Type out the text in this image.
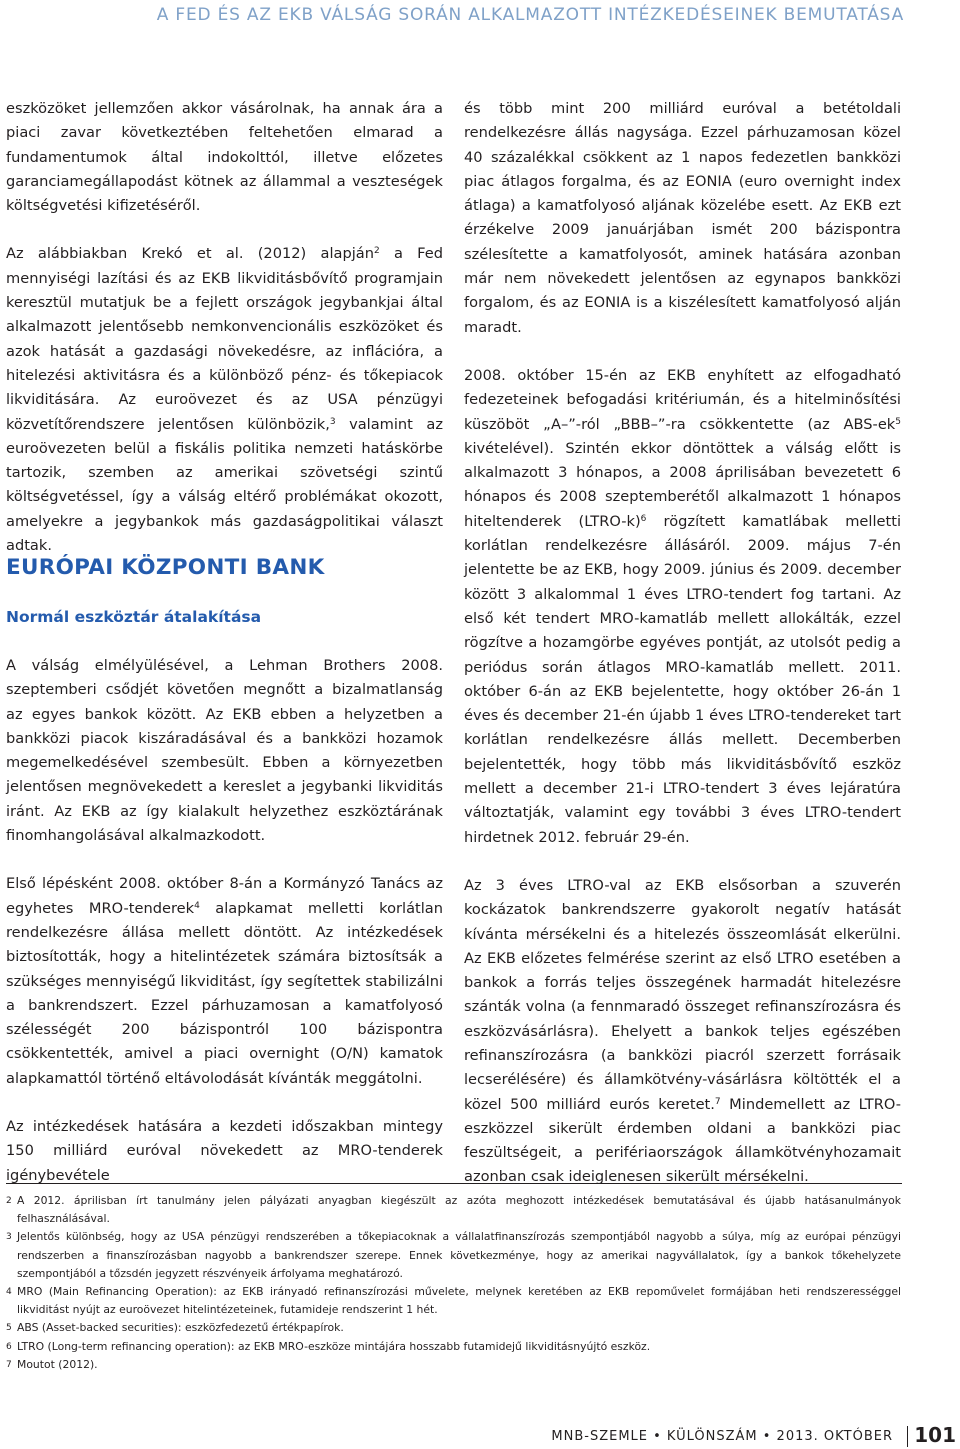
A FED ÉS AZ EKB VÁLSÁG SORÁN ALKALMAZOTT INTÉZKEDÉSEINEK BEMUTATÁSA

eszközöket jellemzően akkor vásárolnak, ha annak ára a piaci zavar következtében feltehetően elmarad a fundamentumok által indokolttól, illetve előzetes garanciamegállapodást kötnek az állammal a veszteségek költségvetési kifizetéséről.

Az alábbiakban Krekó et al. (2012) alapján$^2$ a Fed mennyiségi lazítási és az EKB likviditásbővítő programjain keresztül mutatjuk be a fejlett országok jegybankjai által alkalmazott jelentősebb nemkonvencionális eszközöket és azok hatását a gazdasági növekedésre, az inflációra, a hitelezési aktivitásra és a különböző pénz- és tőkepiacok likviditására. Az euroövezet és az USA pénzügyi közvetítőrendszere jelentősen különbözik,$^3$ valamint az euroövezeten belül a fiskális politika nemzeti hatáskörbe tartozik, szemben az amerikai szövetségi szintű költségvetéssel, így a válság eltérő problémákat okozott, amelyekre a jegybankok más gazdaságpolitikai választ adtak.

EURÓPAI KÖZPONTI BANK
Normál eszköztár átalakítása

A válság elmélyülésével, a Lehman Brothers 2008. szeptemberi csődjét követően megnőtt a bizalmatlanság az egyes bankok között. Az EKB ebben a helyzetben a bankközi piacok kiszáradásával és a bankközi hozamok megemelkedésével szembesült. Ebben a környezetben jelentősen megnövekedett a kereslet a jegybanki likviditás iránt. Az EKB az így kialakult helyzethez eszköztárának finomhangolásával alkalmazkodott.

Első lépésként 2008. október 8-án a Kormányzó Tanács az egyhetes MRO-tenderek$^4$ alapkamat melletti korlátlan rendelkezésre állása mellett döntött. Az intézkedések biztosították, hogy a hitelintézetek számára biztosítsák a szükséges mennyiségű likviditást, így segítettek stabilizálni a bankrendszert. Ezzel párhuzamosan a kamatfolyosó szélességét 200 bázispontról 100 bázispontra csökkentették, amivel a piaci overnight (O/N) kamatok alapkamattól történő eltávolodását kívánták meggátolni.

Az intézkedések hatására a kezdeti időszakban mintegy 150 milliárd euróval növekedett az MRO-tenderek igénybevétele

és több mint 200 milliárd euróval a betétoldali rendelkezésre állás nagysága. Ezzel párhuzamosan közel 40 százalékkal csökkent az 1 napos fedezetlen bankközi piac átlagos forgalma, és az EONIA (euro overnight index átlaga) a kamatfolyosó aljának közelébe esett. Az EKB ezt érzékelve 2009 januárjában ismét 200 bázispontra szélesítette a kamatfolyosót, aminek hatására azonban már nem növekedett jelentősen az egynapos bankközi forgalom, és az EONIA is a kiszélesített kamatfolyosó alján maradt.

2008. október 15-én az EKB enyhített az elfogadható fedezeteinek befogadási kritériumán, és a hitelminősítési küszöböt „A–”-ról „BBB–”-ra csökkentette (az ABS-$ek^5$ kivételével). Szintén ekkor döntöttek a válság előtt is alkalmazott 3 hónapos, a 2008 áprilisában bevezetett 6 hónapos és 2008 szeptemberétől alkalmazott 1 hónapos hiteltenderek (LTRO-k)$^6$ rögzített kamatlábak melletti korlátlan rendelkezésre állásáról. 2009. május 7-én jelentette be az EKB, hogy 2009. június és 2009. december között 3 alkalommal 1 éves LTRO-tendert fog tartani. Az első két tendert MRO-kamatláb mellett allokálták, ezzel rögzítve a hozamgörbe egyéves pontját, az utolsót pedig a periódus során átlagos MRO-kamatláb mellett. 2011. október 6-án az EKB bejelentette, hogy október 26-án 1 éves és december 21-én újabb 1 éves LTRO-tendereket tart korlátlan rendelkezésre állás mellett. Decemberben bejelentették, hogy több más likviditásbővítő eszköz mellett a december 21-i LTRO-tendert 3 éves lejáratúra változtatják, valamint egy további 3 éves LTRO-tendert hirdetnek 2012. február 29-én.

Az 3 éves LTRO-val az EKB elsősorban a szuverén kockázatok bankrendszerre gyakorolt negatív hatását kívánta mérsékelni és a hitelezés összeomlását elkerülni. Az EKB előzetes felmérése szerint az első LTRO esetében a bankok a forrás teljes összegének harmadát hitelezésre szánták volna (a fennmaradó összeget refinanszírozásra és eszközvásárlásra). Ehelyett a bankok teljes egészében refinanszírozásra (a bankközi piacról szerzett forrásaik lecserélésére) és államkötvény-vásárlásra költötték el a közel 500 milliárd eurós keretet.$^7$ Mindemellett az LTRO-eszközzel sikerült érdemben oldani a bankközi piac feszültségeit, a perifériaországok államkötvényhozamait azonban csak ideiglenesen sikerült mérsékelni.

2 A 2012. áprilisban írt tanulmány jelen pályázati anyagban kiegészült az azóta meghozott intézkedések bemutatásával és újabb hatásanulmányok felhasználásával.
3 Jelentős különbség, hogy az USA pénzügyi rendszerében a tőkepiacoknak a vállalatfinanszírozás szempontjából nagyobb a súlya, míg az európai pénzügyi rendszerben a finanszírozásban nagyobb a bankrendszer szerepe. Ennek következménye, hogy az amerikai nagyvállalatok, így a bankok tőkehelyzete szempontjából a tőzsdén jegyzett részvényeik árfolyama meghatározó.
4 MRO (Main Refinancing Operation): az EKB irányadó refinanszírozási művelete, melynek keretében az EKB repoművelet formájában heti rendszerességgel likviditást nyújt az euroövezet hitelintézeteinek, futamideje rendszerint 1 hét.
5 ABS (Asset-backed securities): eszközfedezetű értékpapírok.
6 LTRO (Long-term refinancing operation): az EKB MRO-eszköze mintájára hosszabb futamidejű likviditásnyújtó eszköz.
7 Moutot (2012).
MNB-SZEMLE • KÜLÖNSZÁM • 2013. OKTÓBER 101
